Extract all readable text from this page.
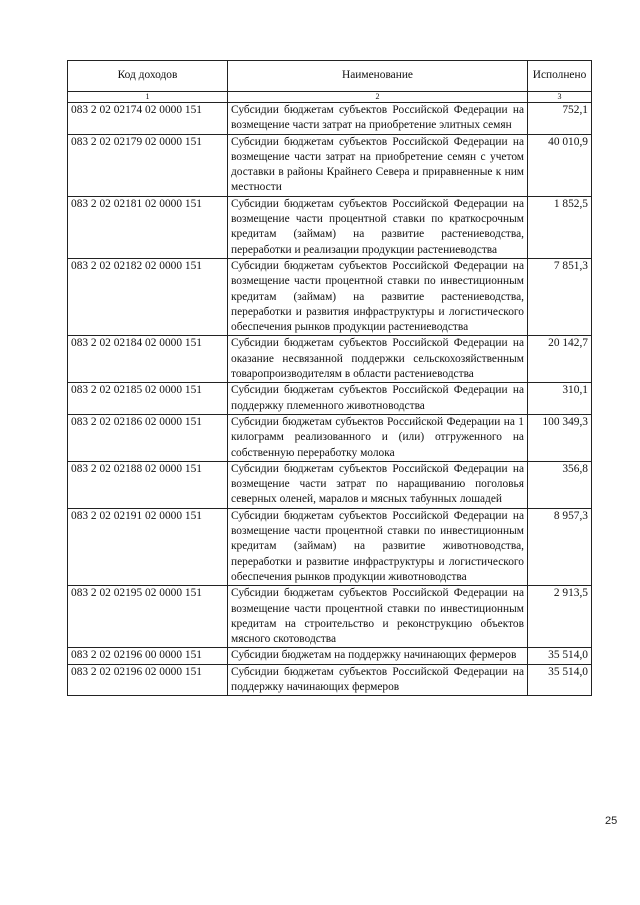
Код доходов	Наименование	Исполнено
1	2	3
083 2 02 02174 02 0000 151	Субсидии бюджетам субъектов Российской Федерации на возмещение части затрат на приобретение элитных семян	752,1
083 2 02 02179 02 0000 151	Субсидии бюджетам субъектов Российской Федерации на возмещение части затрат на приобретение семян с учетом доставки в районы Крайнего Севера и приравненные к ним местности	40 010,9
083 2 02 02181 02 0000 151	Субсидии бюджетам субъектов Российской Федерации на возмещение части процентной ставки по краткосрочным кредитам (займам) на развитие растениеводства, переработки и реализации продукции растениеводства	1 852,5
083 2 02 02182 02 0000 151	Субсидии бюджетам субъектов Российской Федерации на возмещение части процентной ставки по инвестиционным кредитам (займам) на развитие растениеводства, переработки и развития инфраструктуры и логистического обеспечения рынков продукции растениеводства	7 851,3
083 2 02 02184 02 0000 151	Субсидии бюджетам субъектов Российской Федерации на оказание несвязанной поддержки сельскохозяйственным товаропроизводителям в области растениеводства	20 142,7
083 2 02 02185 02 0000 151	Субсидии бюджетам субъектов Российской Федерации на поддержку племенного животноводства	310,1
083 2 02 02186 02 0000 151	Субсидии бюджетам субъектов Российской Федерации на 1 килограмм реализованного и (или) отгруженного на собственную переработку молока	100 349,3
083 2 02 02188 02 0000 151	Субсидии бюджетам субъектов Российской Федерации на возмещение части затрат по наращиванию поголовья северных оленей, маралов и мясных табунных лошадей	356,8
083 2 02 02191 02 0000 151	Субсидии бюджетам субъектов Российской Федерации на возмещение части процентной ставки по инвестиционным кредитам (займам) на развитие животноводства, переработки и развитие инфраструктуры и логистического обеспечения рынков продукции животноводства	8 957,3
083 2 02 02195 02 0000 151	Субсидии бюджетам субъектов Российской Федерации на возмещение части процентной ставки по инвестиционным кредитам на строительство и реконструкцию объектов мясного скотоводства	2 913,5
083 2 02 02196 00 0000 151	Субсидии бюджетам на поддержку начинающих фермеров	35 514,0
083 2 02 02196 02 0000 151	Субсидии бюджетам субъектов Российской Федерации на поддержку начинающих фермеров	35 514,0
25
